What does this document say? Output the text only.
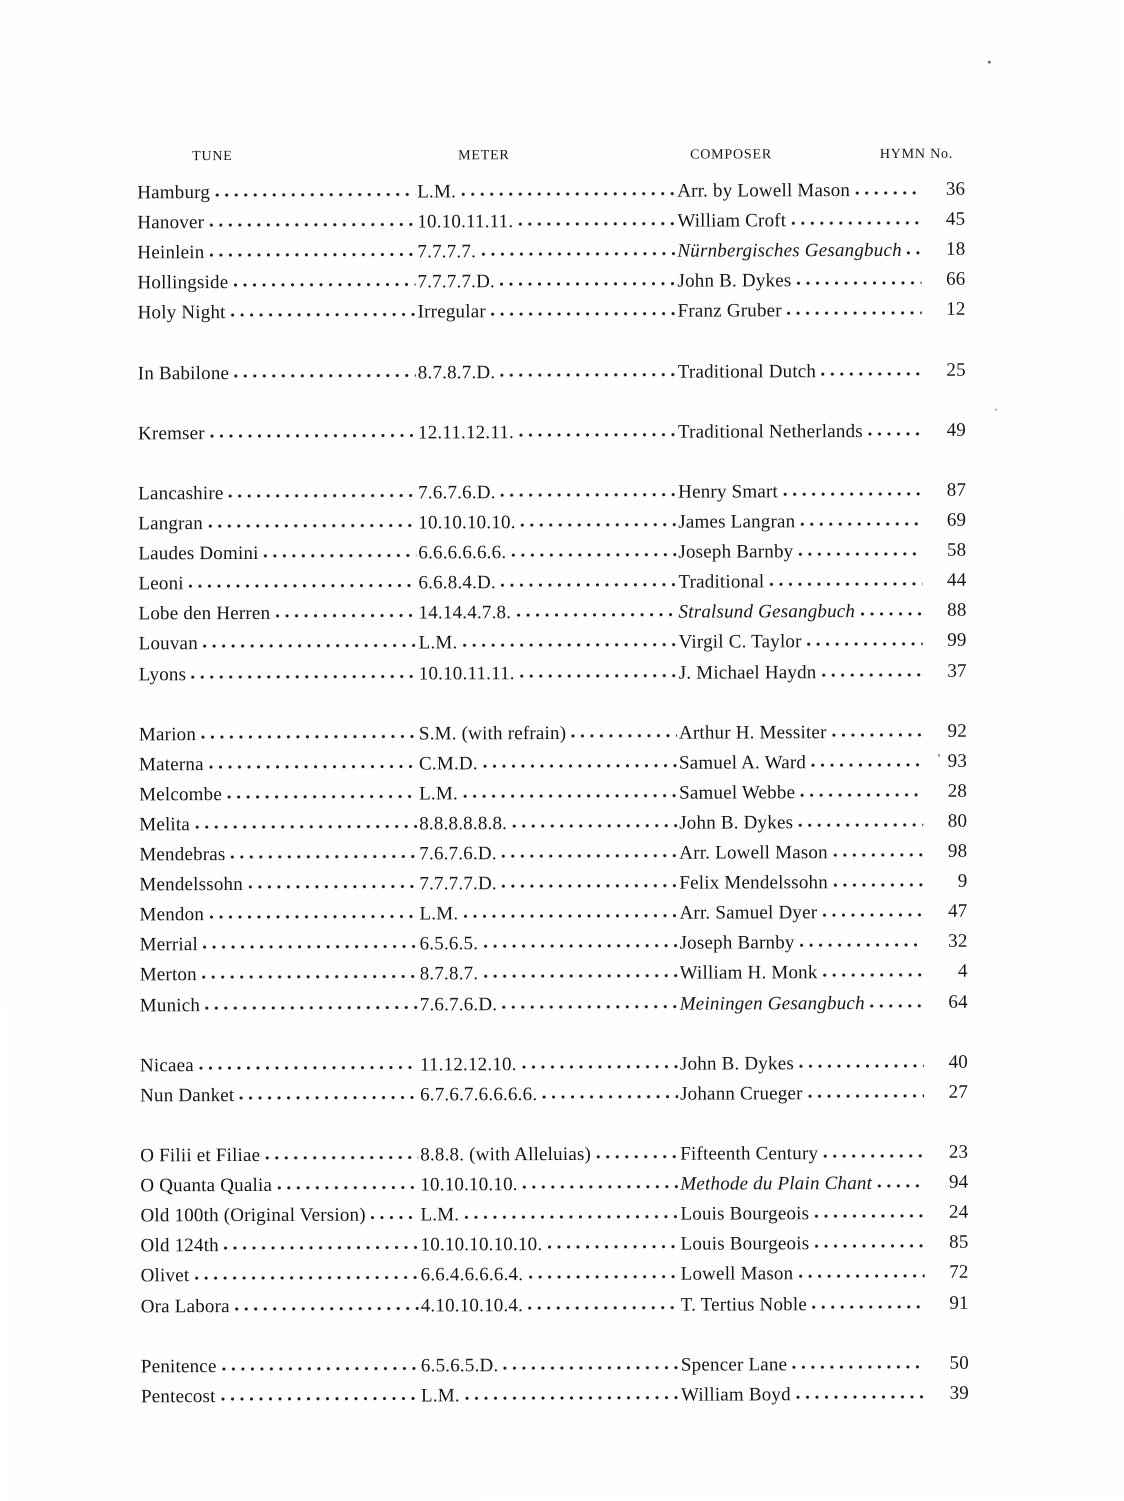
TUNE	METER	COMPOSER	HYMN No.
Hamburg	L.M.	Arr. by Lowell Mason	36
Hanover	10.10.11.11.	William Croft	45
Heinlein	7.7.7.7.	Nürnbergisches Gesangbuch	18
Hollingside	7.7.7.7.D.	John B. Dykes	66
Holy Night	Irregular	Franz Gruber	12
In Babilone	8.7.8.7.D.	Traditional Dutch	25
Kremser	12.11.12.11.	Traditional Netherlands	49
Lancashire	7.6.7.6.D.	Henry Smart	87
Langran	10.10.10.10.	James Langran	69
Laudes Domini	6.6.6.6.6.6.	Joseph Barnby	58
Leoni	6.6.8.4.D.	Traditional	44
Lobe den Herren	14.14.4.7.8.	Stralsund Gesangbuch	88
Louvan	L.M.	Virgil C. Taylor	99
Lyons	10.10.11.11.	J. Michael Haydn	37
Marion	S.M. (with refrain)	Arthur H. Messiter	92
Materna	C.M.D.	Samuel A. Ward	93
Melcombe	L.M.	Samuel Webbe	28
Melita	8.8.8.8.8.8.	John B. Dykes	80
Mendebras	7.6.7.6.D.	Arr. Lowell Mason	98
Mendelssohn	7.7.7.7.D.	Felix Mendelssohn	9
Mendon	L.M.	Arr. Samuel Dyer	47
Merrial	6.5.6.5.	Joseph Barnby	32
Merton	8.7.8.7.	William H. Monk	4
Munich	7.6.7.6.D.	Meiningen Gesangbuch	64
Nicaea	11.12.12.10.	John B. Dykes	40
Nun Danket	6.7.6.7.6.6.6.6.	Johann Crueger	27
O Filii et Filiae	8.8.8. (with Alleluias)	Fifteenth Century	23
O Quanta Qualia	10.10.10.10.	Methode du Plain Chant	94
Old 100th (Original Version)	L.M.	Louis Bourgeois	24
Old 124th	10.10.10.10.10.	Louis Bourgeois	85
Olivet	6.6.4.6.6.6.4.	Lowell Mason	72
Ora Labora	4.10.10.10.4.	T. Tertius Noble	91
Penitence	6.5.6.5.D.	Spencer Lane	50
Pentecost	L.M.	William Boyd	39
